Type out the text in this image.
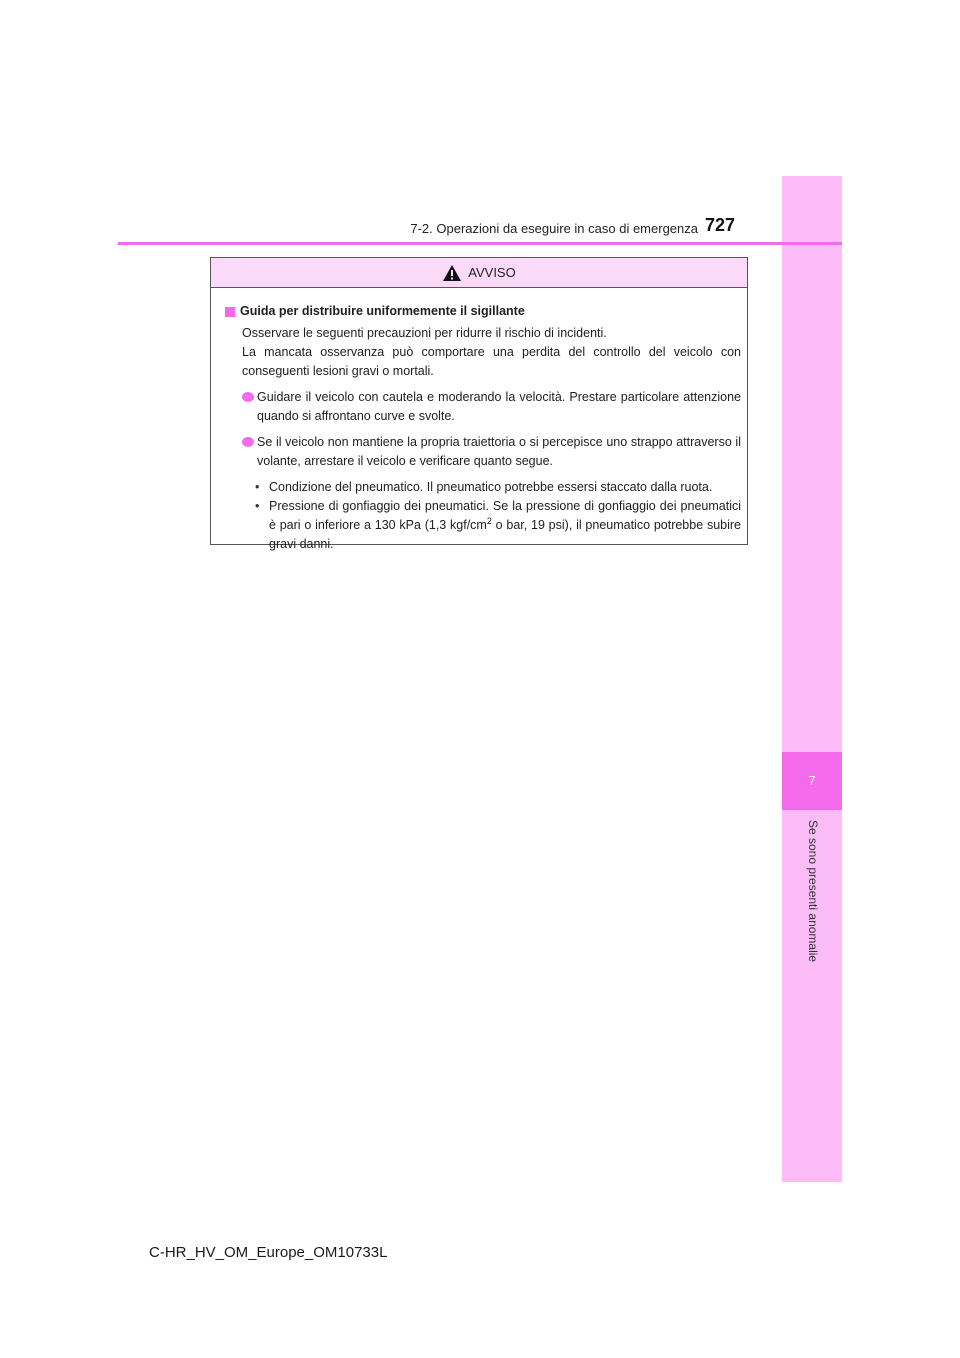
7
Se sono presenti anomalie
7-2. Operazioni da eseguire in caso di emergenza 727
AVVISO
Guida per distribuire uniformemente il sigillante
Osservare le seguenti precauzioni per ridurre il rischio di incidenti.
La mancata osservanza può comportare una perdita del controllo del veicolo con conseguenti lesioni gravi o mortali.
Guidare il veicolo con cautela e moderando la velocità. Prestare particolare attenzione quando si affrontano curve e svolte.
Se il veicolo non mantiene la propria traiettoria o si percepisce uno strappo attraverso il volante, arrestare il veicolo e verificare quanto segue.
• Condizione del pneumatico. Il pneumatico potrebbe essersi staccato dalla ruota.
• Pressione di gonfiaggio dei pneumatici. Se la pressione di gonfiaggio dei pneumatici è pari o inferiore a 130 kPa (1,3 kgf/$cm^2$ o bar, 19 psi), il pneumatico potrebbe subire gravi danni.
C-HR_HV_OM_Europe_OM10733L
